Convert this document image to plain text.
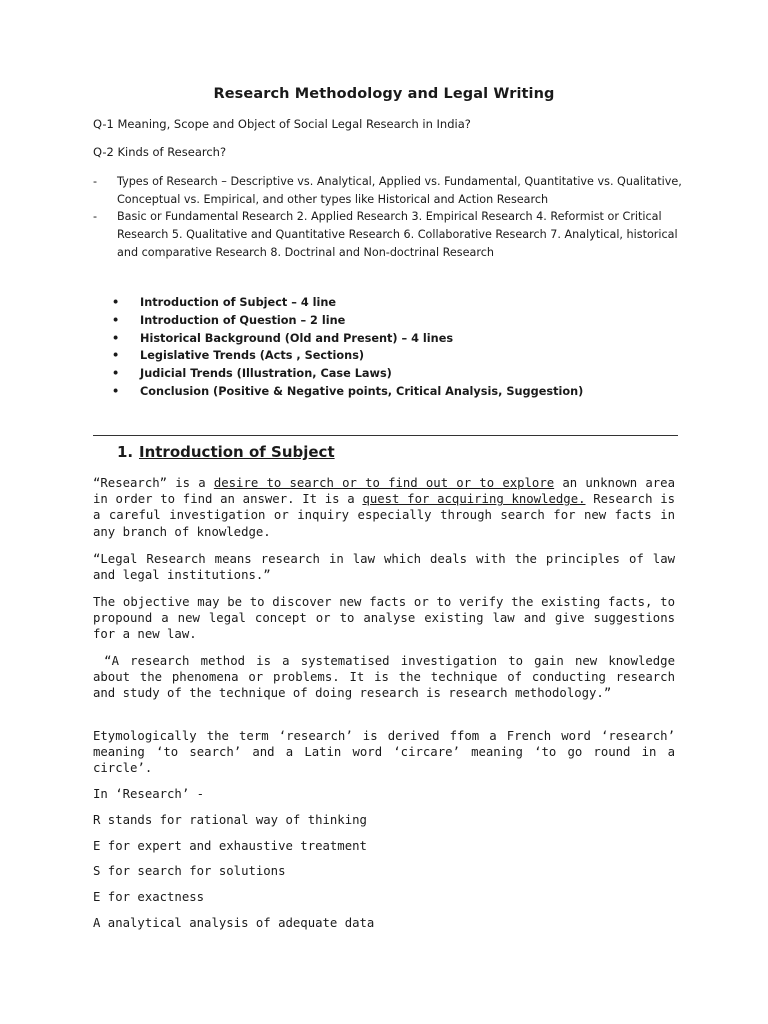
Research Methodology and Legal Writing
Q-1 Meaning, Scope and Object of Social Legal Research in India?
Q-2 Kinds of Research?
-	Types of Research – Descriptive vs. Analytical, Applied vs. Fundamental, Quantitative vs. Qualitative, Conceptual vs. Empirical, and other types like Historical and Action Research
-	Basic or Fundamental Research 2. Applied Research 3. Empirical Research 4. Reformist or Critical Research 5. Qualitative and Quantitative Research 6. Collaborative Research 7. Analytical, historical and comparative Research 8. Doctrinal and Non-doctrinal Research
•	Introduction of Subject – 4 line
•	Introduction of Question – 2 line
•	Historical Background (Old and Present) – 4 lines
•	Legislative Trends (Acts , Sections)
•	Judicial Trends (Illustration, Case Laws)
•	Conclusion (Positive & Negative points, Critical Analysis, Suggestion)
1. Introduction of Subject

“Research” is a desire to search or to find out or to explore an unknown area in order to find an answer. It is a quest for acquiring knowledge. Research is a careful investigation or inquiry especially through search for new facts in any branch of knowledge.

“Legal Research means research in law which deals with the principles of law and legal institutions.”

The objective may be to discover new facts or to verify the existing facts, to propound a new legal concept or to analyse existing law and give suggestions for a new law.

“A research method is a systematised investigation to gain new knowledge about the phenomena or problems. It is the technique of conducting research and study of the technique of doing research is research methodology.”

Etymologically the term ‘research’ is derived ffom a French word ‘research’ meaning ‘to search’ and a Latin word ‘circare’ meaning ‘to go round in a circle’.

In ‘Research’ -
R stands for rational way of thinking
E for expert and exhaustive treatment
S for search for solutions
E for exactness
A analytical analysis of adequate data
